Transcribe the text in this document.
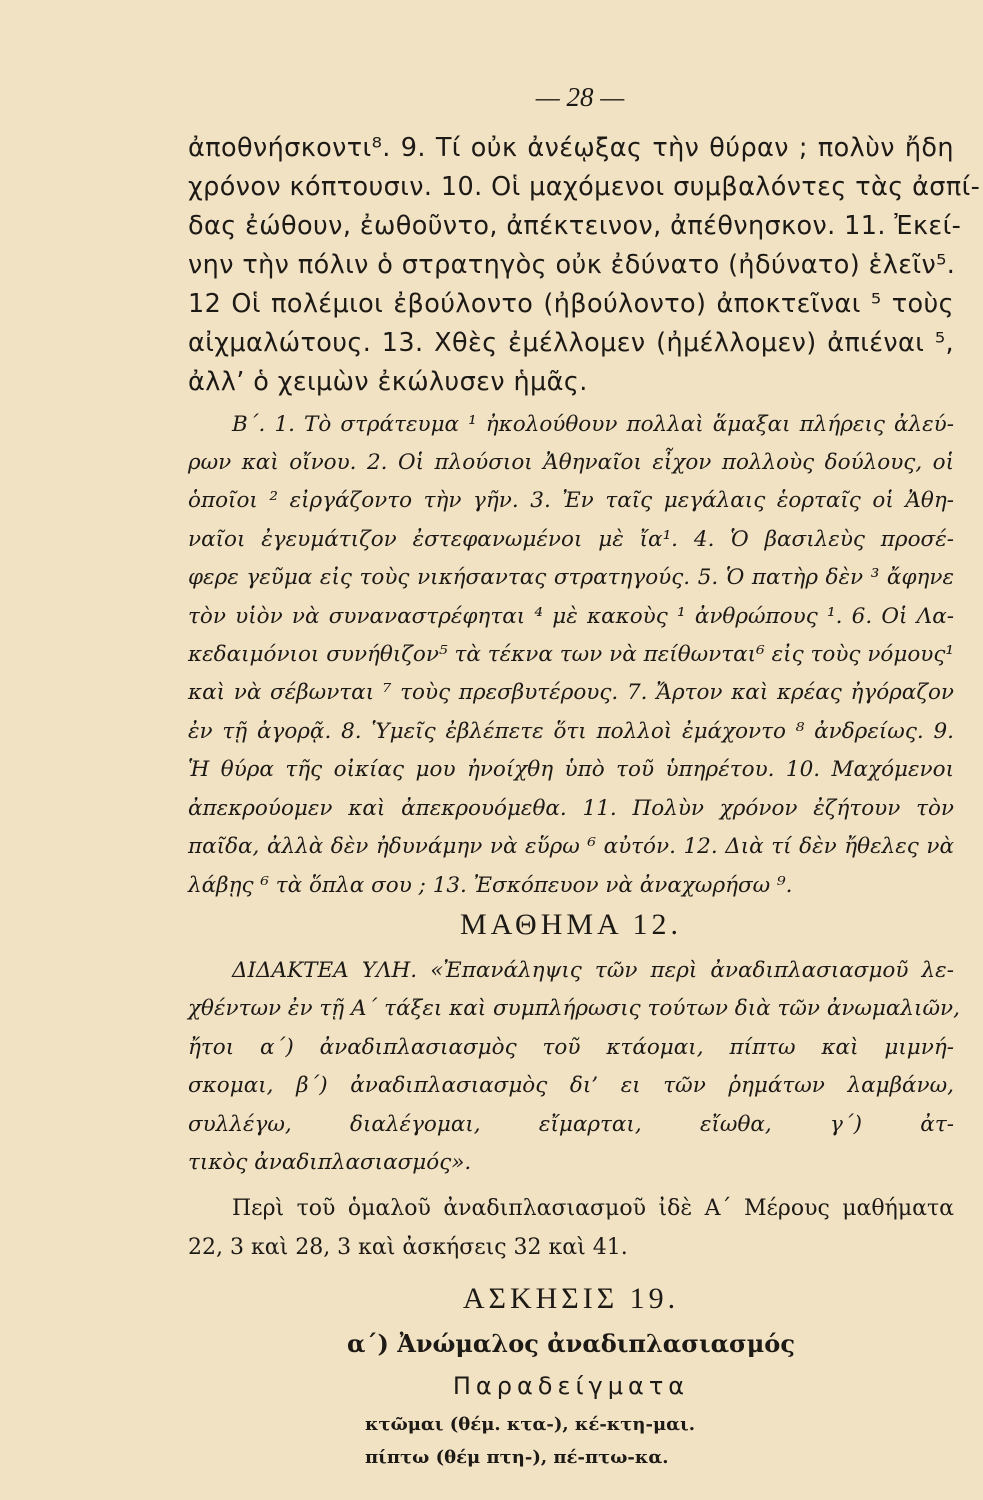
— 28 —
ἀποθνήσκοντι⁸. 9. Τί οὐκ ἀνέῳξας τὴν θύραν ; πολὺν ἤδη
χρόνον κόπτουσιν. 10. Οἱ μαχόμενοι συμβαλόντες τὰς ἀσπί-
δας ἐώθουν, ἐωθοῦντο, ἀπέκτεινον, ἀπέθνησκον. 11. Ἐκεί-
νην τὴν πόλιν ὁ στρατηγὸς οὐκ ἐδύνατο (ἠδύνατο) ἑλεῖν⁵.
12 Οἱ πολέμιοι ἐβούλοντο (ἠβούλοντο) ἀποκτεῖναι ⁵ τοὺς
αἰχμαλώτους. 13. Χθὲς ἐμέλλομεν (ἠμέλλομεν) ἀπιέναι ⁵,
ἀλλ’ ὁ χειμὼν ἐκώλυσεν ἡμᾶς.
Β΄. 1. Τὸ στράτευμα ¹ ἠκολούθουν πολλαὶ ἅμαξαι πλήρεις ἀλεύ-
ρων καὶ οἴνου. 2. Οἱ πλούσιοι Ἀθηναῖοι εἶχον πολλοὺς δούλους, οἱ
ὁποῖοι ² εἰργάζοντο τὴν γῆν. 3. Ἐν ταῖς μεγάλαις ἑορταῖς οἱ Ἀθη-
ναῖοι ἐγευμάτιζον ἐστεφανωμένοι μὲ ἴα¹. 4. Ὁ βασιλεὺς προσέ-
φερε γεῦμα εἰς τοὺς νικήσαντας στρατηγούς. 5. Ὁ πατὴρ δὲν ³ ἄφηνε
τὸν υἱὸν νὰ συναναστρέφηται ⁴ μὲ κακοὺς ¹ ἀνθρώπους ¹. 6. Οἱ Λα-
κεδαιμόνιοι συνήθιζον⁵ τὰ τέκνα των νὰ πείθωνται⁶ εἰς τοὺς νόμους¹
καὶ νὰ σέβωνται ⁷ τοὺς πρεσβυτέρους. 7. Ἄρτον καὶ κρέας ἠγόραζον
ἐν τῇ ἀγορᾷ. 8. Ὑμεῖς ἐβλέπετε ὅτι πολλοὶ ἐμάχοντο ⁸ ἀνδρείως. 9.
Ἡ θύρα τῆς οἰκίας μου ἠνοίχθη ὑπὸ τοῦ ὑπηρέτου. 10. Μαχόμενοι
ἀπεκρούομεν καὶ ἀπεκρουόμεθα. 11. Πολὺν χρόνον ἐζήτουν τὸν
παῖδα, ἀλλὰ δὲν ἠδυνάμην νὰ εὕρω ⁶ αὐτόν. 12. Διὰ τί δὲν ἤθελες νὰ
λάβῃς ⁶ τὰ ὅπλα σου ; 13. Ἐσκόπευον νὰ ἀναχωρήσω ⁹.
ΜΑΘΗΜΑ 12.
ΔΙΔΑΚΤΕΑ ΥΛΗ. «Ἐπανάληψις τῶν περὶ ἀναδιπλασιασμοῦ λε-
χθέντων ἐν τῇ Α΄ τάξει καὶ συμπλήρωσις τούτων διὰ τῶν ἀνωμαλιῶν,
ἤτοι α΄) ἀναδιπλασιασμὸς τοῦ κτάομαι, πίπτω καὶ μιμνή-
σκομαι, β΄) ἀναδιπλασιασμὸς δι’ ει τῶν ῥημάτων λαμβάνω,
συλλέγω, διαλέγομαι, εἴμαρται, εἴωθα, γ΄) ἀτ-
τικὸς ἀναδιπλασιασμός».
Περὶ τοῦ ὁμαλοῦ ἀναδιπλασιασμοῦ ἰδὲ Α΄ Μέρους μαθήματα
22, 3 καὶ 28, 3 καὶ ἀσκήσεις 32 καὶ 41.
ΑΣΚΗΣΙΣ 19.
α΄) Ἀνώμαλος ἀναδιπλασιασμός
Παραδείγματα
κτῶμαι (θέμ. κτα-), κέ-κτη-μαι.
πίπτω (θέμ πτη-), πέ-πτω-κα.
